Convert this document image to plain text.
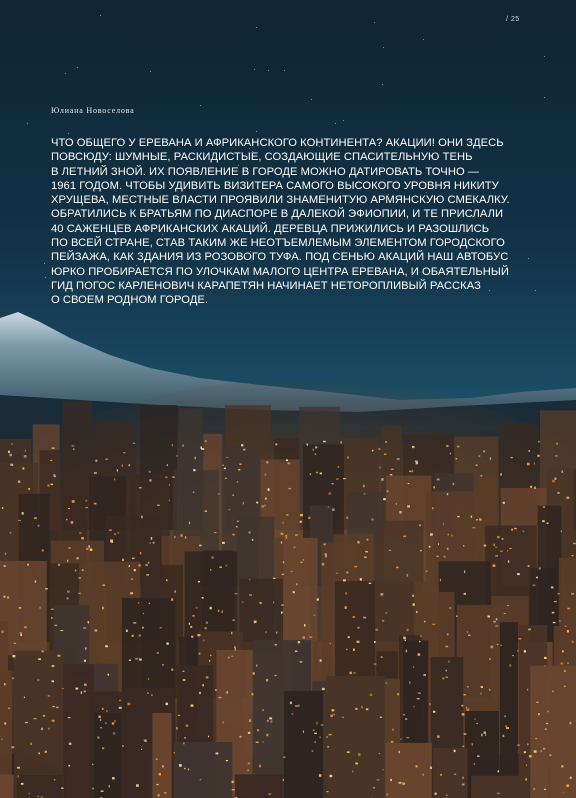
/ 25
Юлиана Новоселова

ЧТО ОБЩЕГО У ЕРЕВАНА И АФРИКАНСКОГО КОНТИНЕНТА? АКАЦИИ! ОНИ ЗДЕСЬ
ПОВСЮДУ: ШУМНЫЕ, РАСКИДИСТЫЕ, СОЗДАЮЩИЕ СПАСИТЕЛЬНУЮ ТЕНЬ
В ЛЕТНИЙ ЗНОЙ. ИХ ПОЯВЛЕНИЕ В ГОРОДЕ МОЖНО ДАТИРОВАТЬ ТОЧНО —
1961 ГОДОМ. ЧТОБЫ УДИВИТЬ ВИЗИТЕРА САМОГО ВЫСОКОГО УРОВНЯ НИКИТУ
ХРУЩЕВА, МЕСТНЫЕ ВЛАСТИ ПРОЯВИЛИ ЗНАМЕНИТУЮ АРМЯНСКУЮ СМЕКАЛКУ.
ОБРАТИЛИСЬ К БРАТЬЯМ ПО ДИАСПОРЕ В ДАЛЕКОЙ ЭФИОПИИ, И ТЕ ПРИСЛАЛИ
40 САЖЕНЦЕВ АФРИКАНСКИХ АКАЦИЙ. ДЕРЕВЦА ПРИЖИЛИСЬ И РАЗОШЛИСЬ
ПО ВСЕЙ СТРАНЕ, СТАВ ТАКИМ ЖЕ НЕОТЪЕМЛЕМЫМ ЭЛЕМЕНТОМ ГОРОДСКОГО
ПЕЙЗАЖА, КАК ЗДАНИЯ ИЗ РОЗОВОГО ТУФА. ПОД СЕНЬЮ АКАЦИЙ НАШ АВТОБУС
ЮРКО ПРОБИРАЕТСЯ ПО УЛОЧКАМ МАЛОГО ЦЕНТРА ЕРЕВАНА, И ОБАЯТЕЛЬНЫЙ
ГИД ПОГОС КАРЛЕНОВИЧ КАРАПЕТЯН НАЧИНАЕТ НЕТОРОПЛИВЫЙ РАССКАЗ
О СВОЕМ РОДНОМ ГОРОДЕ.
